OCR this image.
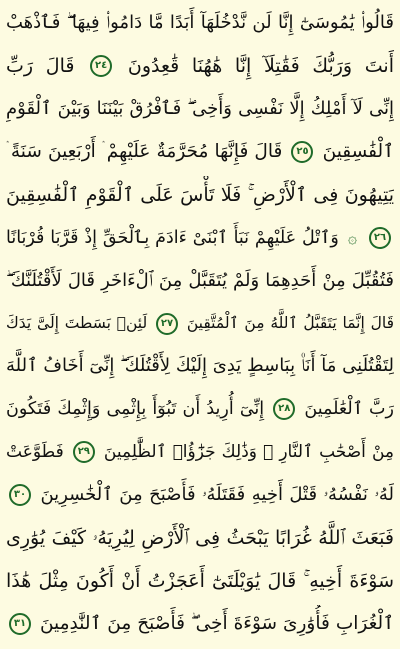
قَالُوا۟ يَٰمُوسَىٰٓ إِنَّا لَن نَّدْخُلَهَآ أَبَدًا مَّا دَامُوا۟ فِيهَا ۖ فَٱذْهَبْ
أَنتَ وَرَبُّكَ فَقَٰتِلَآ إِنَّا هَٰهُنَا قَٰعِدُونَ
٢٤
قَالَ رَبِّ
إِنِّى لَآ أَمْلِكُ إِلَّا نَفْسِى وَأَخِى ۖ فَٱفْرُقْ بَيْنَنَا وَبَيْنَ ٱلْقَوْمِ
ٱلْفَٰسِقِينَ
٢٥
قَالَ فَإِنَّهَا مُحَرَّمَةٌ عَلَيْهِمْ ۛ أَرْبَعِينَ سَنَةً ۛ
يَتِيهُونَ فِى ٱلْأَرْضِ ۚ فَلَا تَأْسَ عَلَى ٱلْقَوْمِ ٱلْفَٰسِقِينَ
٢٦
۞ وَٱتْلُ عَلَيْهِمْ نَبَأَ ٱبْنَىْ ءَادَمَ بِٱلْحَقِّ إِذْ قَرَّبَا قُرْبَانًا
فَتُقُبِّلَ مِنْ أَحَدِهِمَا وَلَمْ يُتَقَبَّلْ مِنَ ٱلْءَاخَرِ قَالَ لَأَقْتُلَنَّكَ ۖ
قَالَ إِنَّمَا يَتَقَبَّلُ ٱللَّهُ مِنَ ٱلْمُتَّقِينَ
٢٧
لَئِنۢ بَسَطتَ إِلَىَّ يَدَكَ
لِتَقْتُلَنِى مَآ أَنَا۠ بِبَاسِطٍ يَدِىَ إِلَيْكَ لِأَقْتُلَكَ ۖ إِنِّىٓ أَخَافُ ٱللَّهَ
رَبَّ ٱلْعَٰلَمِينَ
٢٨
إِنِّىٓ أُرِيدُ أَن تَبُوٓأَ بِإِثْمِى وَإِثْمِكَ فَتَكُونَ
مِنْ أَصْحَٰبِ ٱلنَّارِ ۚ وَذَٰلِكَ جَزَٰٓؤُا۟ ٱلظَّٰلِمِينَ
٢٩
فَطَوَّعَتْ
لَهُۥ نَفْسُهُۥ قَتْلَ أَخِيهِ فَقَتَلَهُۥ فَأَصْبَحَ مِنَ ٱلْخَٰسِرِينَ
٣٠
فَبَعَثَ ٱللَّهُ غُرَابًا يَبْحَثُ فِى ٱلْأَرْضِ لِيُرِيَهُۥ كَيْفَ يُوَٰرِى
سَوْءَةَ أَخِيهِ ۚ قَالَ يَٰوَيْلَتَىٰٓ أَعَجَزْتُ أَنْ أَكُونَ مِثْلَ هَٰذَا
ٱلْغُرَابِ فَأُوَٰرِىَ سَوْءَةَ أَخِى ۖ فَأَصْبَحَ مِنَ ٱلنَّٰدِمِينَ
٣١
